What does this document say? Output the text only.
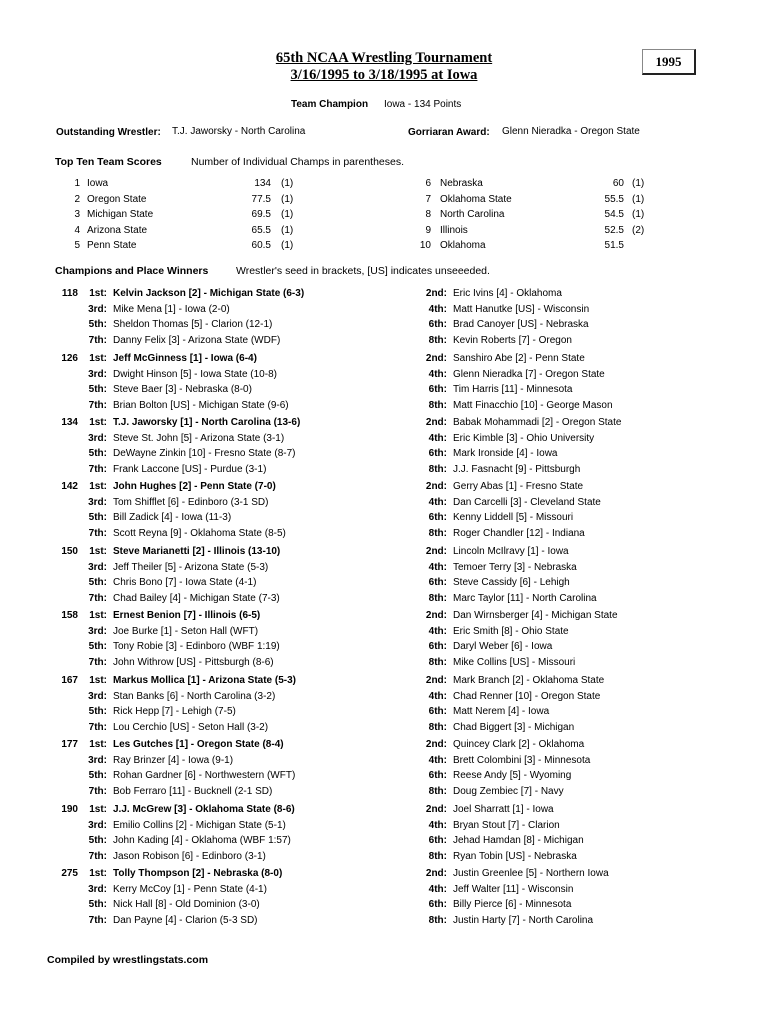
65th NCAA Wrestling Tournament
3/16/1995 to 3/18/1995 at Iowa
1995
Team Champion Iowa - 134 Points
Outstanding Wrestler: T.J. Jaworsky - North Carolina	Gorriaran Award: Glenn Nieradka - Oregon State
Top Ten Team Scores	Number of Individual Champs in parentheses.
1 Iowa	134 (1)
2 Oregon State	77.5 (1)
3 Michigan State	69.5 (1)
4 Arizona State	65.5 (1)
5 Penn State	60.5 (1)
6 Nebraska	60 (1)
7 Oklahoma State	55.5 (1)
8 North Carolina	54.5 (1)
9 Illinois	52.5 (2)
10 Oklahoma	51.5
Champions and Place Winners	Wrestler's seed in brackets, [US] indicates unseeeded.
118 1st: Kelvin Jackson [2] - Michigan State (6-3)	2nd: Eric Ivins [4] - Oklahoma
3rd: Mike Mena [1] - Iowa (2-0)	4th: Matt Hanutke [US] - Wisconsin
5th: Sheldon Thomas [5] - Clarion (12-1)	6th: Brad Canoyer [US] - Nebraska
7th: Danny Felix [3] - Arizona State (WDF)	8th: Kevin Roberts [7] - Oregon
126 1st: Jeff McGinness [1] - Iowa (6-4)	2nd: Sanshiro Abe [2] - Penn State
3rd: Dwight Hinson [5] - Iowa State (10-8)	4th: Glenn Nieradka [7] - Oregon State
5th: Steve Baer [3] - Nebraska (8-0)	6th: Tim Harris [11] - Minnesota
7th: Brian Bolton [US] - Michigan State (9-6)	8th: Matt Finacchio [10] - George Mason
134 1st: T.J. Jaworsky [1] - North Carolina (13-6)	2nd: Babak Mohammadi [2] - Oregon State
3rd: Steve St. John [5] - Arizona State (3-1)	4th: Eric Kimble [3] - Ohio University
5th: DeWayne Zinkin [10] - Fresno State (8-7)	6th: Mark Ironside [4] - Iowa
7th: Frank Laccone [US] - Purdue (3-1)	8th: J.J. Fasnacht [9] - Pittsburgh
142 1st: John Hughes [2] - Penn State (7-0)	2nd: Gerry Abas [1] - Fresno State
3rd: Tom Shifflet [6] - Edinboro (3-1 SD)	4th: Dan Carcelli [3] - Cleveland State
5th: Bill Zadick [4] - Iowa (11-3)	6th: Kenny Liddell [5] - Missouri
7th: Scott Reyna [9] - Oklahoma State (8-5)	8th: Roger Chandler [12] - Indiana
150 1st: Steve Marianetti [2] - Illinois (13-10)	2nd: Lincoln McIlravy [1] - Iowa
3rd: Jeff Theiler [5] - Arizona State (5-3)	4th: Temoer Terry [3] - Nebraska
5th: Chris Bono [7] - Iowa State (4-1)	6th: Steve Cassidy [6] - Lehigh
7th: Chad Bailey [4] - Michigan State (7-3)	8th: Marc Taylor [11] - North Carolina
158 1st: Ernest Benion [7] - Illinois (6-5)	2nd: Dan Wirnsberger [4] - Michigan State
3rd: Joe Burke [1] - Seton Hall (WFT)	4th: Eric Smith [8] - Ohio State
5th: Tony Robie [3] - Edinboro (WBF 1:19)	6th: Daryl Weber [6] - Iowa
7th: John Withrow [US] - Pittsburgh (8-6)	8th: Mike Collins [US] - Missouri
167 1st: Markus Mollica [1] - Arizona State (5-3)	2nd: Mark Branch [2] - Oklahoma State
3rd: Stan Banks [6] - North Carolina (3-2)	4th: Chad Renner [10] - Oregon State
5th: Rick Hepp [7] - Lehigh (7-5)	6th: Matt Nerem [4] - Iowa
7th: Lou Cerchio [US] - Seton Hall (3-2)	8th: Chad Biggert [3] - Michigan
177 1st: Les Gutches [1] - Oregon State (8-4)	2nd: Quincey Clark [2] - Oklahoma
3rd: Ray Brinzer [4] - Iowa (9-1)	4th: Brett Colombini [3] - Minnesota
5th: Rohan Gardner [6] - Northwestern (WFT)	6th: Reese Andy [5] - Wyoming
7th: Bob Ferraro [11] - Bucknell (2-1 SD)	8th: Doug Zembiec [7] - Navy
190 1st: J.J. McGrew [3] - Oklahoma State (8-6)	2nd: Joel Sharratt [1] - Iowa
3rd: Emilio Collins [2] - Michigan State (5-1)	4th: Bryan Stout [7] - Clarion
5th: John Kading [4] - Oklahoma (WBF 1:57)	6th: Jehad Hamdan [8] - Michigan
7th: Jason Robison [6] - Edinboro (3-1)	8th: Ryan Tobin [US] - Nebraska
275 1st: Tolly Thompson [2] - Nebraska (8-0)	2nd: Justin Greenlee [5] - Northern Iowa
3rd: Kerry McCoy [1] - Penn State (4-1)	4th: Jeff Walter [11] - Wisconsin
5th: Nick Hall [8] - Old Dominion (3-0)	6th: Billy Pierce [6] - Minnesota
7th: Dan Payne [4] - Clarion (5-3 SD)	8th: Justin Harty [7] - North Carolina
Compiled by wrestlingstats.com
